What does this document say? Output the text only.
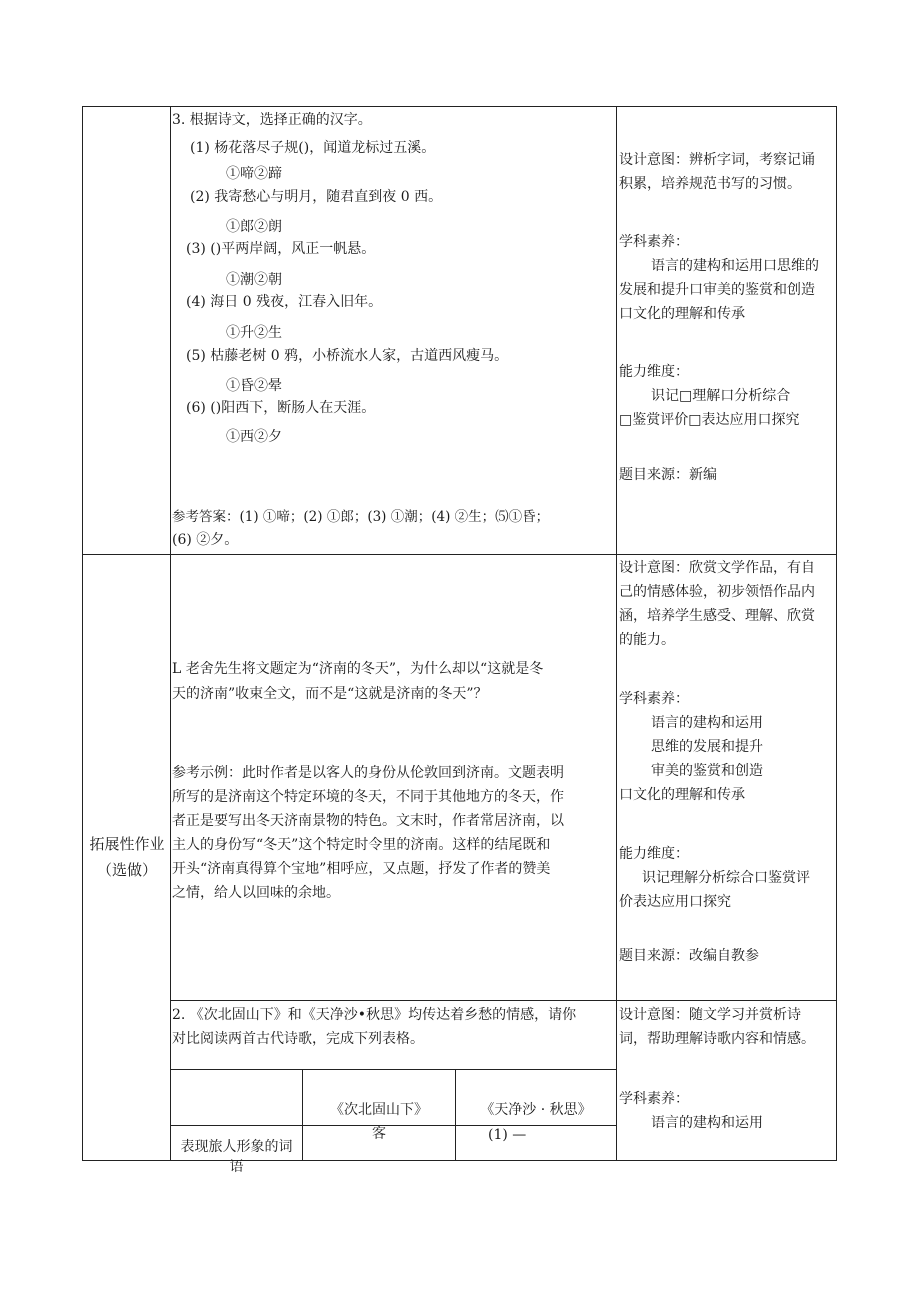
3. 根据诗文，选择正确的汉字。
(1) 杨花落尽子规()，闻道龙标过五溪。
①啼②蹄
(2) 我寄愁心与明月，随君直到夜 0 西。
①郎②朗
(3) ()平两岸阔，风正一帆悬。
①潮②朝
(4) 海日 0 残夜，江春入旧年。
①升②生
(5) 枯藤老树 0 鸦，小桥流水人家，古道西风瘦马。
①昏②晕
(6) ()阳西下，断肠人在天涯。
①西②夕
参考答案：(1) ①啼；(2) ①郎；(3) ①潮；(4) ②生；⑸①昏；
(6) ②夕。
设计意图：辨析字词，考察记诵
积累，培养规范书写的习惯。
学科素养：
语言的建构和运用口思维的
发展和提升口审美的鉴赏和创造
口文化的理解和传承
能力维度：
识记□理解口分析综合
□鉴赏评价□表达应用口探究
题目来源：新编
拓展性作业
（选做）
L 老舍先生将文题定为“济南的冬天”，为什么却以“这就是冬
天的济南”收束全文，而不是“这就是济南的冬天”？
参考示例：此时作者是以客人的身份从伦敦回到济南。文题表明
所写的是济南这个特定环境的冬天，不同于其他地方的冬天，作
者正是要写出冬天济南景物的特色。文末时，作者常居济南，以
主人的身份写“冬天”这个特定时令里的济南。这样的结尾既和
开头“济南真得算个宝地”相呼应，又点题，抒发了作者的赞美
之情，给人以回味的余地。
设计意图：欣赏文学作品，有自
己的情感体验，初步领悟作品内
涵，培养学生感受、理解、欣赏
的能力。
学科素养：
语言的建构和运用
思维的发展和提升
审美的鉴赏和创造
口文化的理解和传承
能力维度：
识记理解分析综合口鉴赏评
价表达应用口探究
题目来源：改编自教参
2. 《次北固山下》和《天净沙•秋思》均传达着乡愁的情感，请你
对比阅读两首古代诗歌，完成下列表格。
《次北固山下》	《天净沙 · 秋思》
表现旅人形象的词
语
客	(1) —
设计意图：随文学习并赏析诗
词，帮助理解诗歌内容和情感。
学科素养：
语言的建构和运用
